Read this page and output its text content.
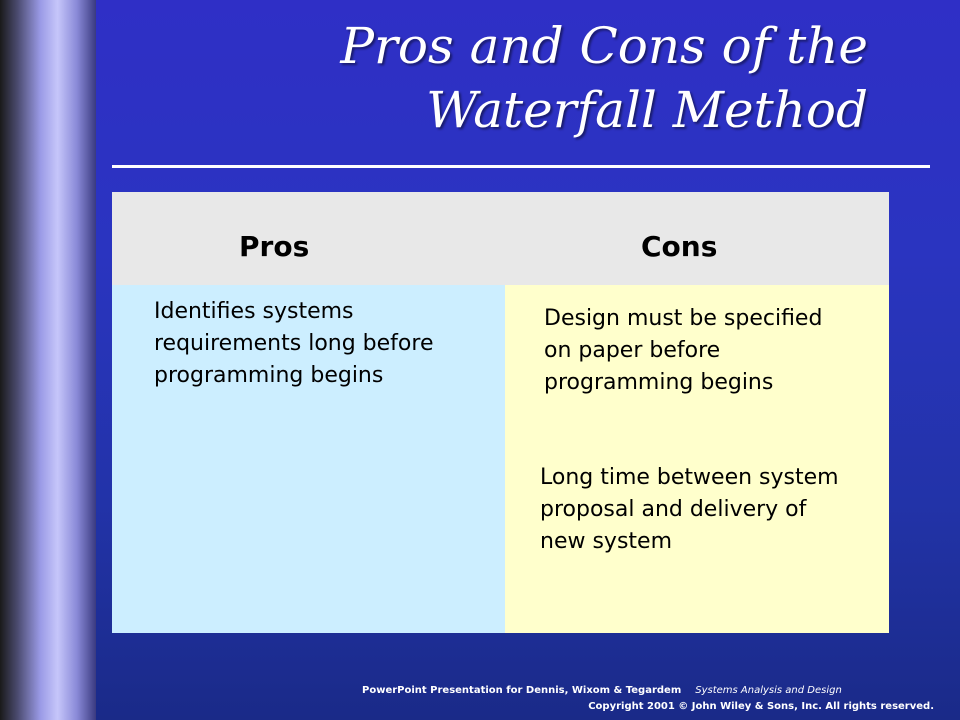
Pros and Cons of the Waterfall Method
Pros	Cons
Identifies systems requirements long before programming begins
Design must be specified on paper before programming begins
Long time between system proposal and delivery of new system
PowerPoint Presentation for Dennis, Wixom & Tegardem Systems Analysis and Design
Copyright 2001 © John Wiley & Sons, Inc. All rights reserved.
